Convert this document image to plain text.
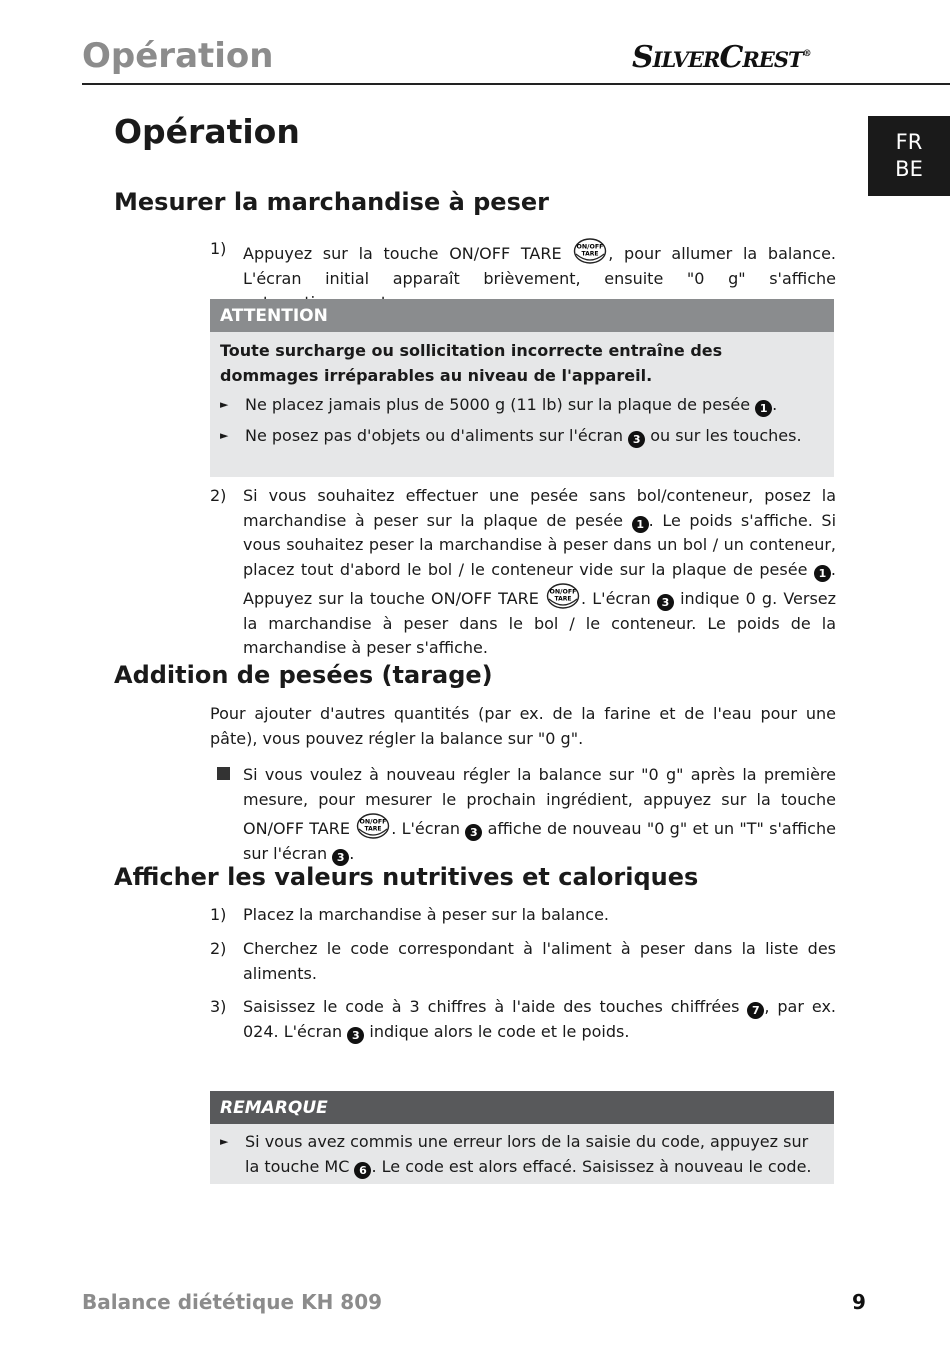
Opération	SilverCrest®
FR
BE
Opération
Mesurer la marchandise à peser
1) Appuyez sur la touche ON/OFF TARE ON/OFF
TARE , pour allumer la balance. L'écran initial apparaît brièvement, ensuite "0 g" s'affiche

ATTENTION

Toute surcharge ou sollicitation incorrecte entraîne des dommages irréparables au niveau de l'appareil.

► Ne placez jamais plus de 5000 g (11 lb) sur la plaque de pesée 1 .

► Ne posez pas d'objets ou d'aliments sur l'écran 3 ou sur les touches.

2) Si vous souhaitez effectuer une pesée sans bol/conteneur, posez la marchandise à peser sur la plaque de pesée 1 . Le poids s'affiche. Si vous souhaitez peser la marchandise à peser dans un bol / un conteneur, placez tout d'abord le bol / le conteneur vide sur la plaque de pesée 1 . Appuyez sur la touche ON/OFF TARE ON/OFF
TARE . L'écran 3 indique 0 g. Versez la marchandise à peser dans le bol / le conteneur. Le poids de la marchandise à peser s'affiche.

Addition de pesées (tarage)

Pour ajouter d'autres quantités (par ex. de la farine et de l'eau pour une pâte), vous pouvez régler la balance sur "0 g".

Si vous voulez à nouveau régler la balance sur "0 g" après la première mesure, pour mesurer le prochain ingrédient, appuyez sur la touche ON/OFF TARE ON/OFF
TARE . L'écran 3 affiche de nouveau "0 g" et un "T" s'affiche sur l'écran 3 .

Afficher les valeurs nutritives et caloriques
1) Placez la marchandise à peser sur la balance.

2) Cherchez le code correspondant à l'aliment à peser dans la liste des aliments.

3) Saisissez le code à 3 chiffres à l'aide des touches chiffrées 7 , par ex. 024. L'écran 3 indique alors le code et le poids.

REMARQUE

► Si vous avez commis une erreur lors de la saisie du code, appuyez sur la touche MC 6 . Le code est alors effacé. Saisissez à nouveau le code.

Balance diététique KH 809	9
